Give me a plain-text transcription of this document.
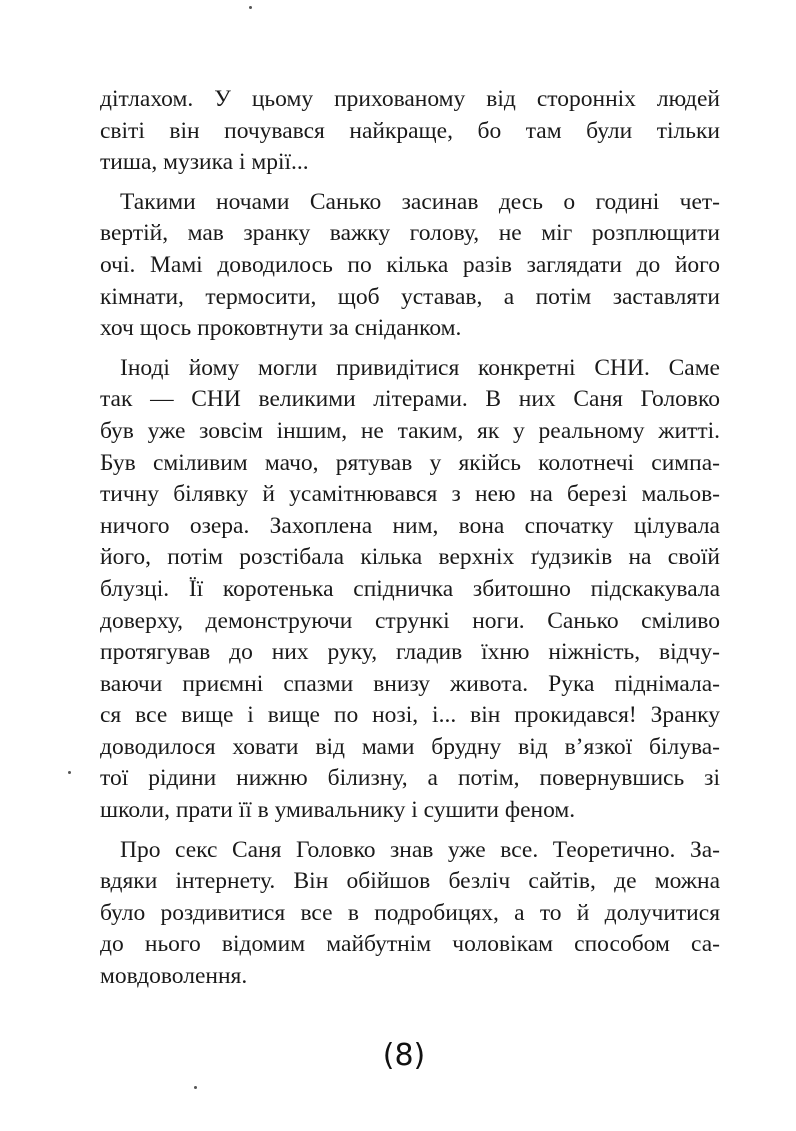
дітлахом. У цьому прихованому від сторонніх людей
світі він почувався найкраще, бо там були тільки
тиша, музика і мрії...

Такими ночами Санько засинав десь о годині чет-
вертій, мав зранку важку голову, не міг розплющити
очі. Мамі доводилось по кілька разів заглядати до його
кімнати, термосити, щоб уставав, а потім заставляти
хоч щось проковтнути за сніданком.

Іноді йому могли привидітися конкретні СНИ. Саме
так — СНИ великими літерами. В них Саня Головко
був уже зовсім іншим, не таким, як у реальному житті.
Був сміливим мачо, рятував у якійсь колотнечі симпа-
тичну білявку й усамітнювався з нею на березі мальов-
ничого озера. Захоплена ним, вона спочатку цілувала
його, потім розстібала кілька верхніх ґудзиків на своїй
блузці. Її коротенька спідничка збитошно підскакувала
доверху, демонструючи стрункі ноги. Санько сміливо
протягував до них руку, гладив їхню ніжність, відчу-
ваючи приємні спазми внизу живота. Рука піднімала-
ся все вище і вище по нозі, і... він прокидався! Зранку
доводилося ховати від мами брудну від в’язкої білува-
тої рідини нижню білизну, а потім, повернувшись зі
школи, прати її в умивальнику і сушити феном.

Про секс Саня Головко знав уже все. Теоретично. За-
вдяки інтернету. Він обійшов безліч сайтів, де можна
було роздивитися все в подробицях, а то й долучитися
до нього відомим майбутнім чоловікам способом са-
мовдоволення.

(8)
